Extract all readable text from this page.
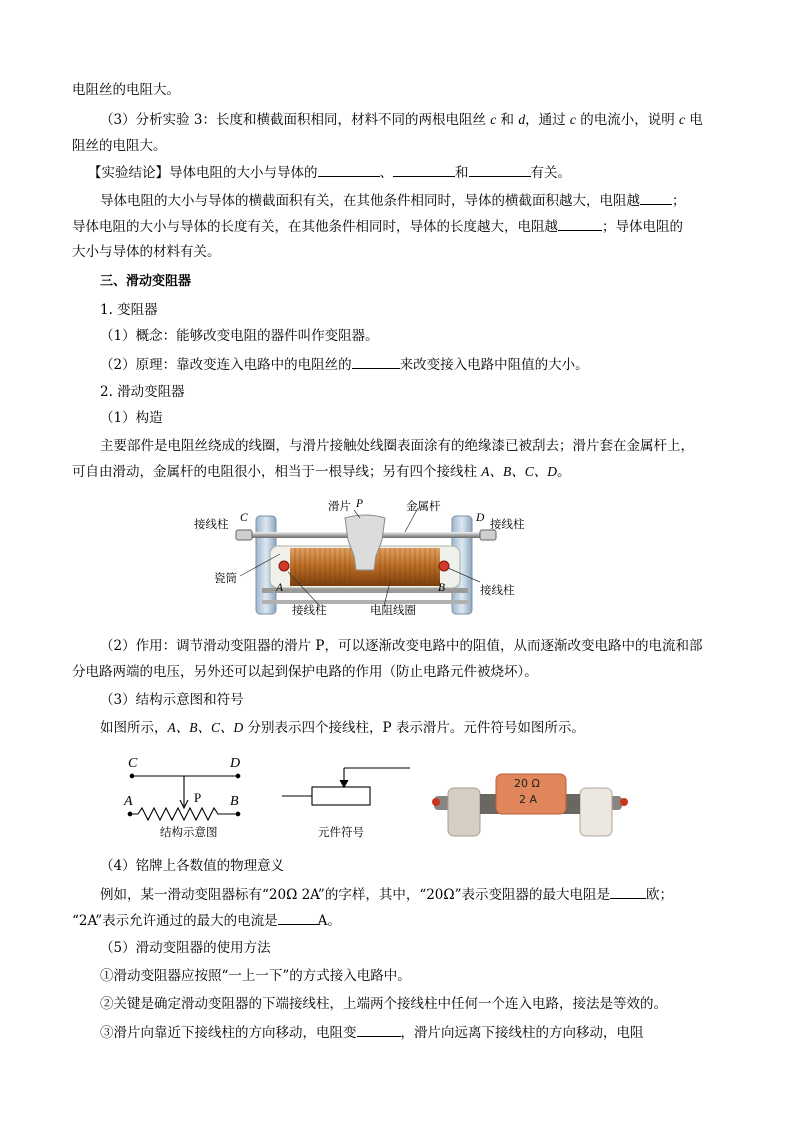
电阻丝的电阻大。
（3）分析实验 3：长度和横截面积相同，材料不同的两根电阻丝 c 和 d，通过 c 的电流小，说明 c 电
阻丝的电阻大。
【实验结论】导体电阻的大小与导体的	、	和	有关。
导体电阻的大小与导体的横截面积有关，在其他条件相同时，导体的横截面积越大，电阻越 ；
导体电阻的大小与导体的长度有关，在其他条件相同时，导体的长度越大，电阻越	；导体电阻的
大小与导体的材料有关。
三、滑动变阻器
1. 变阻器
（1）概念：能够改变电阻的器件叫作变阻器。
（2）原理：靠改变连入电路中的电阻丝的	来改变接入电路中阻值的大小。
2. 滑动变阻器
（1）构造
主要部件是电阻丝绕成的线圈，与滑片接触处线圈表面涂有的绝缘漆已被刮去；滑片套在金属杆上，
可自由滑动，金属杆的电阻很小，相当于一根导线；另有四个接线柱 A、B、C、D。
滑片 P	金属杆
接线柱 C	D 接线柱
瓷筒
A	B	接线柱
接线柱	电阻线圈
（2）作用：调节滑动变阻器的滑片 P，可以逐渐改变电路中的阻值，从而逐渐改变电路中的电流和部
分电路两端的电压，另外还可以起到保护电路的作用（防止电路元件被烧坏）。
（3）结构示意图和符号
如图所示，A、B、C、D 分别表示四个接线柱，P 表示滑片。元件符号如图所示。
C	D
A	B
P
结构示意图	元件符号
20 Ω
2 A
（4）铭牌上各数值的物理意义
例如，某一滑动变阻器标有“20Ω 2A”的字样，其中，“20Ω”表示变阻器的最大电阻是	欧；
“2A”表示允许通过的最大的电流是	A。
（5）滑动变阻器的使用方法
①滑动变阻器应按照“一上一下”的方式接入电路中。
②关键是确定滑动变阻器的下端接线柱，上端两个接线柱中任何一个连入电路，接法是等效的。
③滑片向靠近下接线柱的方向移动，电阻变	，滑片向远离下接线柱的方向移动，电阻
